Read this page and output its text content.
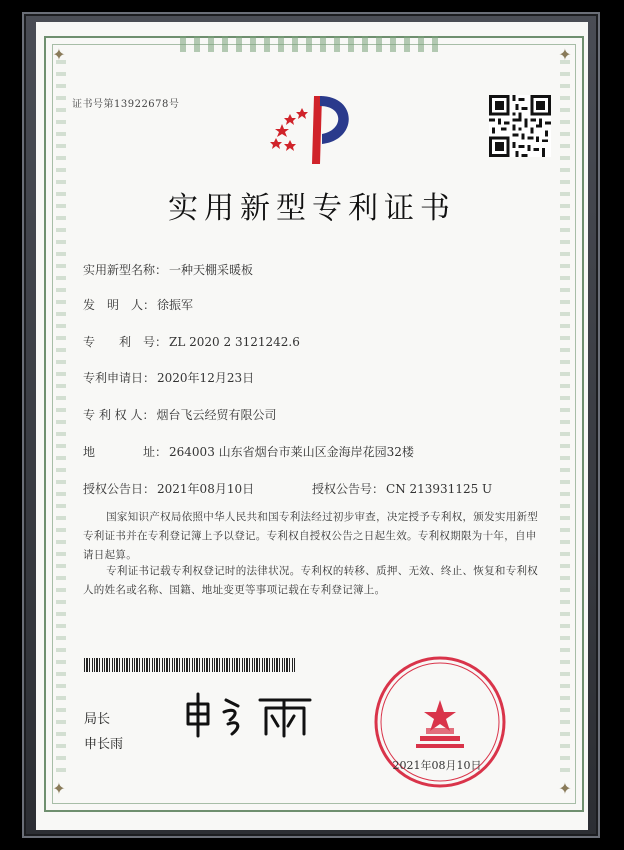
✦	✦
✦	✦
证书号第13922678号
实用新型专利证书
实用新型名称： 一种天棚采暖板
发　明　人： 徐振军
专　　利　号： ZL 2020 2 3121242.6
专利申请日： 2020年12月23日
专 利 权 人： 烟台飞云经贸有限公司
地　　　　址： 264003 山东省烟台市莱山区金海岸花园32楼
授权公告日： 2021年08月10日	授权公告号： CN 213931125 U
国家知识产权局依照中华人民共和国专利法经过初步审查，决定授予专利权，颁发实用新型专利证书并在专利登记簿上予以登记。专利权自授权公告之日起生效。专利权期限为十年，自申请日起算。
专利证书记载专利权登记时的法律状况。专利权的转移、质押、无效、终止、恢复和专利权人的姓名或名称、国籍、地址变更等事项记载在专利登记簿上。
局长
申长雨
2021年08月10日
